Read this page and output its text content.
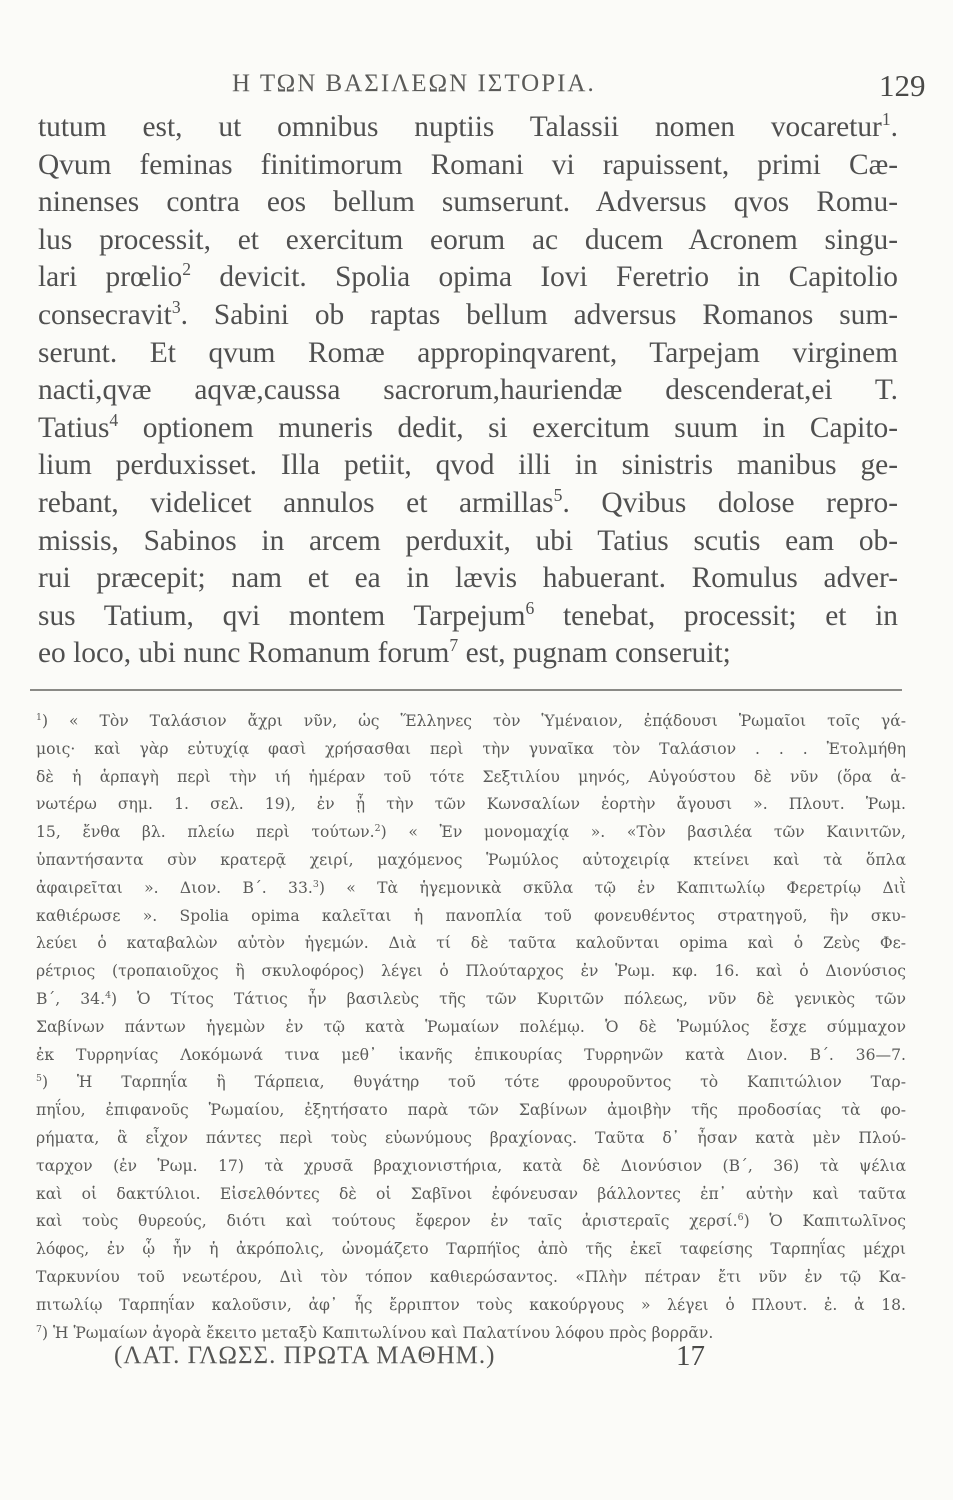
Η ΤΩΝ ΒΑΣΙΛΕΩΝ ΙΣΤΟΡΙΑ.	129
tutum est, ut omnibus nuptiis Talassii nomen vocaretur$^1$.
Qvum feminas finitimorum Romani vi rapuissent, primi Cæ-
ninenses contra eos bellum sumserunt. Adversus qvos Romu-
lus processit, et exercitum eorum ac ducem Acronem singu-
lari prœlio$^2$ devicit. Spolia opima Iovi Feretrio in Capitolio
consecravit$^3$. Sabini ob raptas bellum adversus Romanos sum-
serunt. Et qvum Romæ appropinqvarent, Tarpejam virginem
nacti,qvæ aqvæ,caussa sacrorum,hauriendæ descenderat,ei T.
Tatius$^4$ optionem muneris dedit, si exercitum suum in Capito-
lium perduxisset. Illa petiit, qvod illi in sinistris manibus ge-
rebant, videlicet annulos et armillas$^5$. Qvibus dolose repro-
missis, Sabinos in arcem perduxit, ubi Tatius scutis eam ob-
rui præcepit; nam et ea in lævis habuerant. Romulus adver-
sus Tatium, qvi montem Tarpejum$^6$ tenebat, processit; et in
eo loco, ubi nunc Romanum forum$^7$ est, pugnam conseruit;
$^1$) « Τὸν Ταλάσιον ἄχρι νῦν, ὡς Ἕλληνες τὸν Ὑμέναιον, ἐπᾴδουσι Ῥωμαῖοι τοῖς γά-
μοις· καὶ γὰρ εὐτυχίᾳ φασὶ χρήσασθαι περὶ τὴν γυναῖκα τὸν Ταλάσιον . . . Ἐτολμήθη
δὲ ἡ ἁρπαγὴ περὶ τὴν ιή ἡμέραν τοῦ τότε Σεξτιλίου μηνός, Αὐγούστου δὲ νῦν (ὅρα ἀ-
νωτέρω σημ. 1. σελ. 19), ἐν ᾗ τὴν τῶν Κωνσαλίων ἑορτὴν ἄγουσι ». Πλουτ. Ῥωμ.
15, ἔνθα βλ. πλείω περὶ τούτων.$^2$) « Ἐν μονομαχίᾳ ». «Τὸν βασιλέα τῶν Καινιτῶν,
ὑπαντήσαντα σὺν κρατερᾷ χειρί, μαχόμενος Ῥωμύλος αὐτοχειρίᾳ κτείνει καὶ τὰ ὅπλα
ἀφαιρεῖται ». Διον. Β΄. 33.$^3$) « Τὰ ἡγεμονικὰ σκῦλα τῷ ἐν Καπιτωλίῳ Φερετρίῳ Διῒ
καθιέρωσε ». Spolia opima καλεῖται ἡ πανοπλία τοῦ φονευθέντος στρατηγοῦ, ἣν σκυ-
λεύει ὁ καταβαλὼν αὐτὸν ἡγεμών. Διὰ τί δὲ ταῦτα καλοῦνται opima καὶ ὁ Ζεὺς Φε-
ρέτριος (τροπαιοῦχος ἢ σκυλοφόρος) λέγει ὁ Πλούταρχος ἐν Ῥωμ. κφ. 16. καὶ ὁ Διονύσιος
Β΄, 34.$^4$) Ὁ Τίτος Τάτιος ἦν βασιλεὺς τῆς τῶν Κυριτῶν πόλεως, νῦν δὲ γενικὸς τῶν
Σαβίνων πάντων ἡγεμὼν ἐν τῷ κατὰ Ῥωμαίων πολέμῳ. Ὁ δὲ Ῥωμύλος ἔσχε σύμμαχον
ἐκ Τυρρηνίας Λοκόμωνά τινα μεθ᾽ ἱκανῆς ἐπικουρίας Τυρρηνῶν κατὰ Διον. Β΄. 36—7.
$^5$) Ἡ Ταρπηΐα ἢ Τάρπεια, θυγάτηρ τοῦ τότε φρουροῦντος τὸ Καπιτώλιον Ταρ-
πηΐου, ἐπιφανοῦς Ῥωμαίου, ἐξητήσατο παρὰ τῶν Σαβίνων ἀμοιβὴν τῆς προδοσίας τὰ φο-
ρήματα, ἃ εἶχον πάντες περὶ τοὺς εὐωνύμους βραχίονας. Ταῦτα δ᾽ ἦσαν κατὰ μὲν Πλού-
ταρχον (ἐν Ῥωμ. 17) τὰ χρυσᾶ βραχιονιστήρια, κατὰ δὲ Διονύσιον (Β΄, 36) τὰ ψέλια
καὶ οἱ δακτύλιοι. Εἰσελθόντες δὲ οἱ Σαβῖνοι ἐφόνευσαν βάλλοντες ἐπ᾽ αὐτὴν καὶ ταῦτα
καὶ τοὺς θυρεούς, διότι καὶ τούτους ἔφερον ἐν ταῖς ἀριστεραῖς χερσί.$^6$) Ὁ Καπιτωλῖνος
λόφος, ἐν ᾧ ἦν ἡ ἀκρόπολις, ὠνομάζετο Ταρπήϊος ἀπὸ τῆς ἐκεῖ ταφείσης Ταρπηΐας μέχρι
Ταρκυνίου τοῦ νεωτέρου, Διὶ τὸν τόπον καθιερώσαντος. «Πλὴν πέτραν ἔτι νῦν ἐν τῷ Κα-
πιτωλίῳ Ταρπηΐαν καλοῦσιν, ἀφ᾽ ἧς ἔρριπτον τοὺς κακούργους » λέγει ὁ Πλουτ. ἐ. ἀ 18.
$^7$) Ἡ Ῥωμαίων ἀγορὰ ἔκειτο μεταξὺ Καπιτωλίνου καὶ Παλατίνου λόφου πρὸς βορρᾶν.
(ΛΑΤ. ΓΛΩΣΣ. ΠΡΩΤΑ ΜΑΘΗΜ.)	17
